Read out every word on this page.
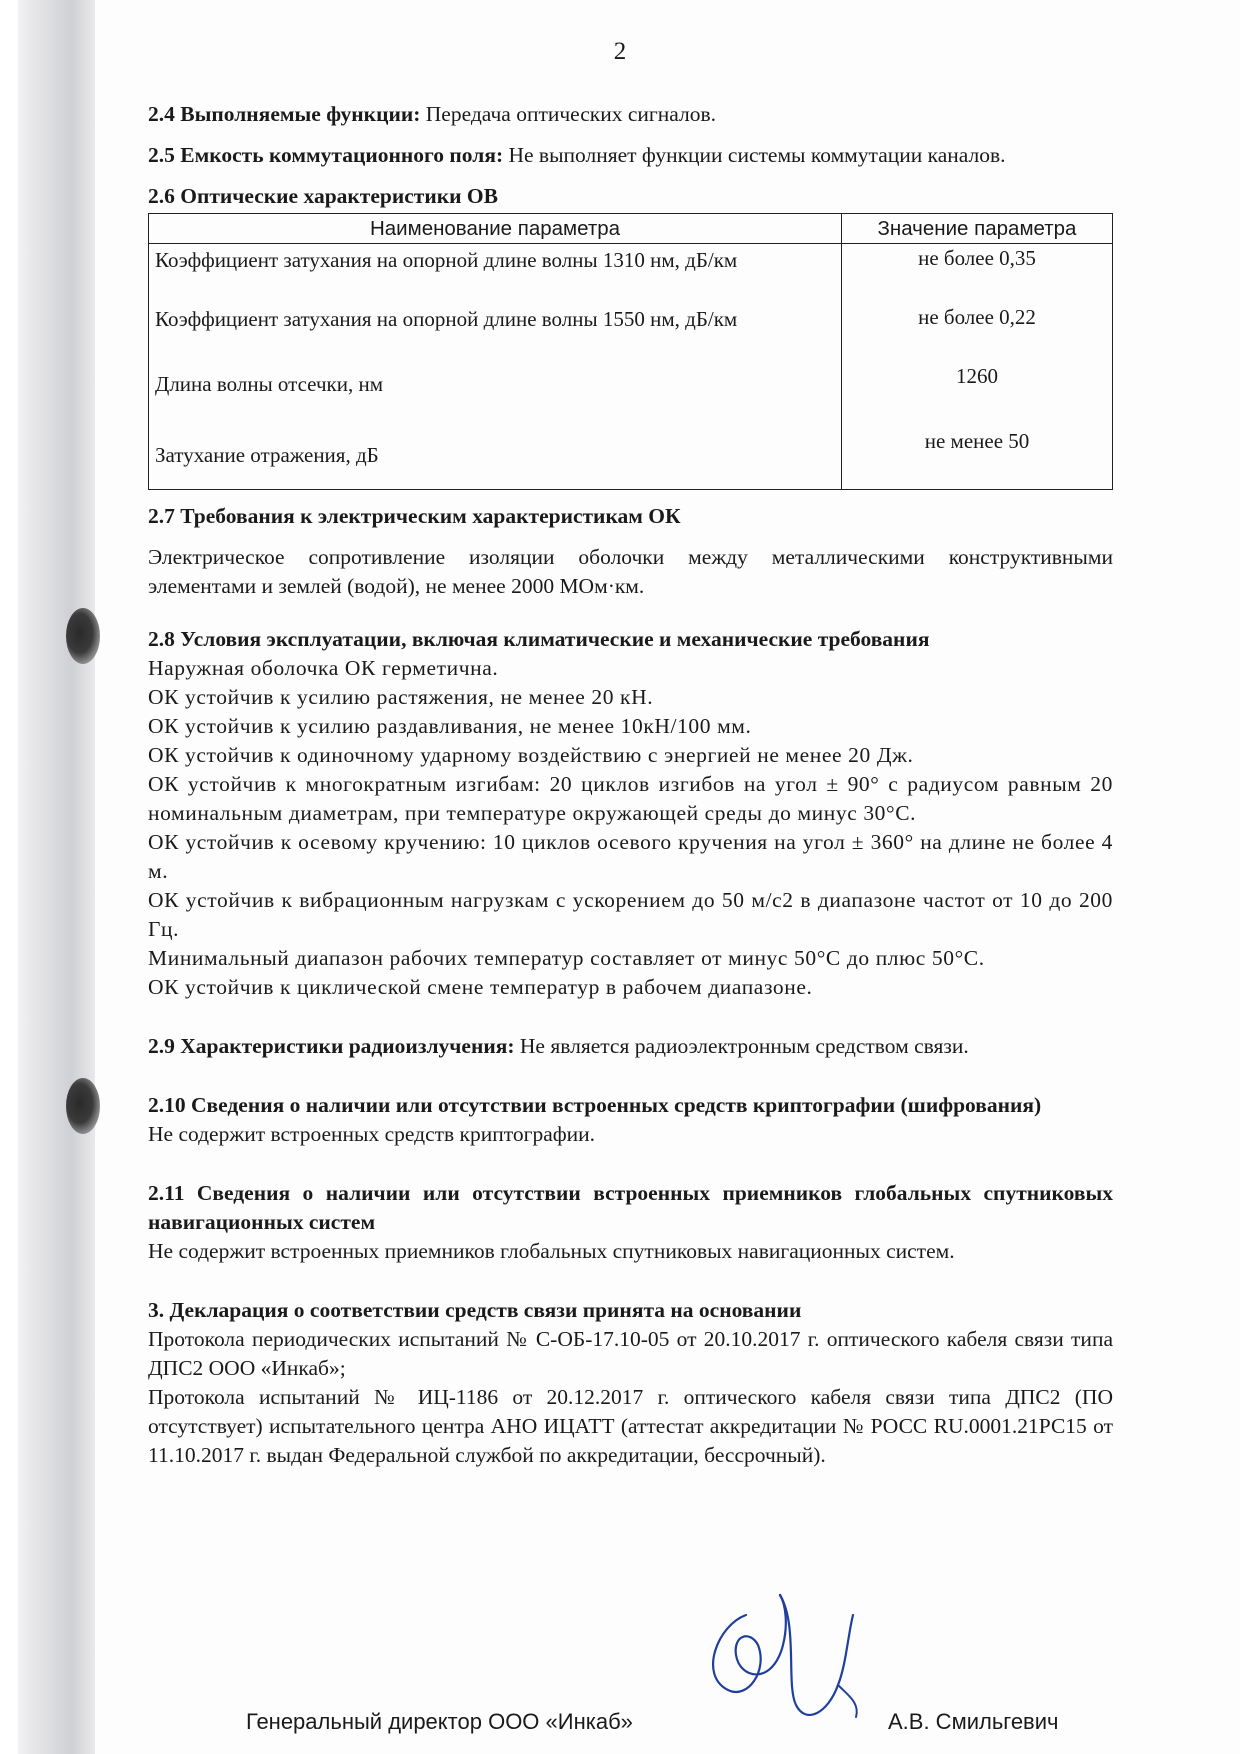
2

2.4 Выполняемые функции: Передача оптических сигналов.

2.5 Емкость коммутационного поля: Не выполняет функции системы коммутации каналов.

2.6 Оптические характеристики ОВ

Наименование параметра	Значение параметра
Коэффициент затухания на опорной длине волны 1310 нм, дБ/км	не более 0,35
Коэффициент затухания на опорной длине волны 1550 нм, дБ/км	не более 0,22
Длина волны отсечки, нм	1260
Затухание отражения, дБ	не менее 50

2.7 Требования к электрическим характеристикам ОК

Электрическое сопротивление изоляции оболочки между металлическими конструктивными элементами и землей (водой), не менее 2000 МОм·км.

2.8 Условия эксплуатации, включая климатические и механические требования

Наружная оболочка ОК герметична.

ОК устойчив к усилию растяжения, не менее 20 кН.

ОК устойчив к усилию раздавливания, не менее 10кН/100 мм.

ОК устойчив к одиночному ударному воздействию с энергией не менее 20 Дж.

ОК устойчив к многократным изгибам: 20 циклов изгибов на угол ± 90° с радиусом равным 20 номинальным диаметрам, при температуре окружающей среды до минус 30°С.

ОК устойчив к осевому кручению: 10 циклов осевого кручения на угол ± 360° на длине не более 4 м.

ОК устойчив к вибрационным нагрузкам с ускорением до 50 м/с2 в диапазоне частот от 10 до 200 Гц.

Минимальный диапазон рабочих температур составляет от минус 50°С до плюс 50°С.

ОК устойчив к циклической смене температур в рабочем диапазоне.

2.9 Характеристики радиоизлучения: Не является радиоэлектронным средством связи.

2.10 Сведения о наличии или отсутствии встроенных средств криптографии (шифрования)

Не содержит встроенных средств криптографии.

2.11 Сведения о наличии или отсутствии встроенных приемников глобальных спутниковых навигационных систем

Не содержит встроенных приемников глобальных спутниковых навигационных систем.

3. Декларация о соответствии средств связи принята на основании

Протокола периодических испытаний № С-ОБ-17.10-05 от 20.10.2017 г. оптического кабеля связи типа ДПС2 ООО «Инкаб»;

Протокола испытаний № ИЦ-1186 от 20.12.2017 г. оптического кабеля связи типа ДПС2 (ПО отсутствует) испытательного центра АНО ИЦАТТ (аттестат аккредитации № РОСС RU.0001.21РС15 от 11.10.2017 г. выдан Федеральной службой по аккредитации, бессрочный).

Генеральный директор ООО «Инкаб»	А.В. Смильгевич
